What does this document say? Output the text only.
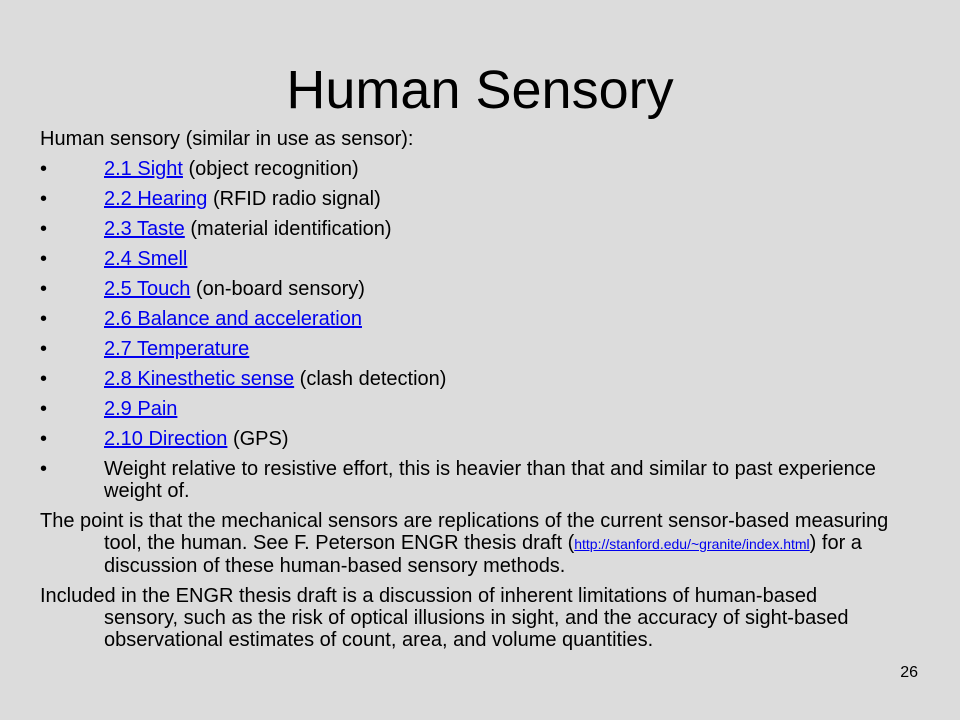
Human Sensory

Human sensory (similar in use as sensor):

•	2.1 Sight (object recognition)
•	2.2 Hearing (RFID radio signal)
•	2.3 Taste (material identification)
•	2.4 Smell
•	2.5 Touch (on-board sensory)
•	2.6 Balance and acceleration
•	2.7 Temperature
•	2.8 Kinesthetic sense (clash detection)
•	2.9 Pain
•	2.10 Direction (GPS)
•	Weight relative to resistive effort, this is heavier than that and similar to past experience weight of.

The point is that the mechanical sensors are replications of the current sensor-based measuring tool, the human. See F. Peterson ENGR thesis draft (http://stanford.edu/~granite/index.html) for a discussion of these human-based sensory methods.

Included in the ENGR thesis draft is a discussion of inherent limitations of human-based sensory, such as the risk of optical illusions in sight, and the accuracy of sight-based observational estimates of count, area, and volume quantities.

26
